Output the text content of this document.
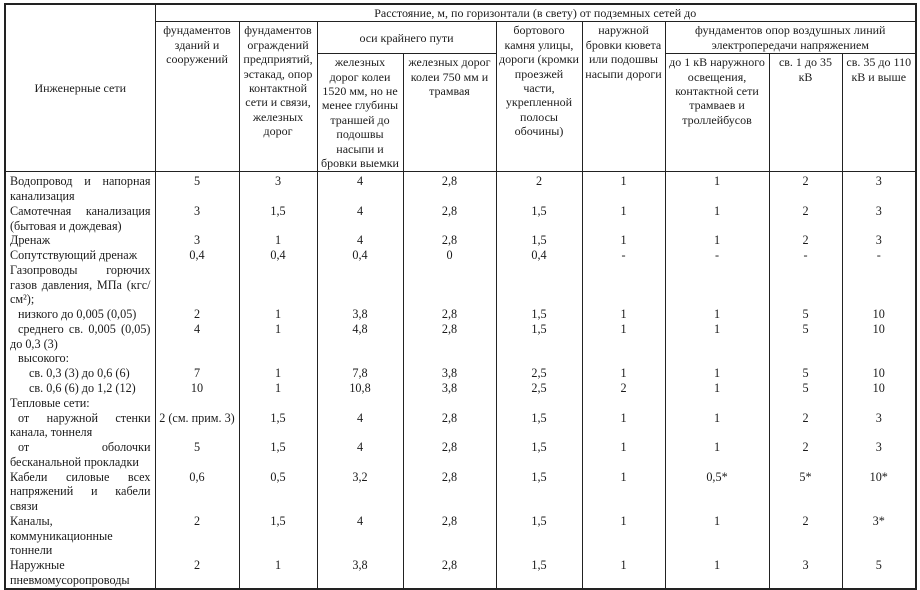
Инженерные сети	Расстояние, м, по горизонтали (в свету) от подземных сетей до								
	фундаментов зданий и сооружений	фундаментов ограждений предприятий, эстакад, опор контактной сети и связи, железных дорог	оси крайнего пути		бортового камня улицы, дороги (кромки проезжей части, укрепленной полосы обочины)	наружной бровки кювета или подошвы насыпи дороги	фундаментов опор воздушных линий электропередачи напряжением		
			железных дорог колеи 1520 мм, но не менее глубины траншей до подошвы насыпи и бровки выемки	железных дорог колеи 750 мм и трамвая			до 1 кВ наружного освещения, контактной сети трамваев и троллейбусов	св. 1 до 35 кВ	св. 35 до 110 кВ и выше
Водопровод и напорная канализация	5	3	4	2,8	2	1	1	2	3
Самотечная канализация (бытовая и дождевая)	3	1,5	4	2,8	1,5	1	1	2	3
Дренаж	3	1	4	2,8	1,5	1	1	2	3
Сопутствующий дренаж	0,4	0,4	0,4	0	0,4	-	-	-	-
Газопроводы горючих газов давления, МПа (кгс/см²);									
низкого до 0,005 (0,05)	2	1	3,8	2,8	1,5	1	1	5	10
среднего св. 0,005 (0,05) до 0,3 (3)	4	1	4,8	2,8	1,5	1	1	5	10
высокого:									
св. 0,3 (3) до 0,6 (6)	7	1	7,8	3,8	2,5	1	1	5	10
св. 0,6 (6) до 1,2 (12)	10	1	10,8	3,8	2,5	2	1	5	10
Тепловые сети:									
от наружной стенки канала, тоннеля	2 (см. прим. 3)	1,5	4	2,8	1,5	1	1	2	3
от оболочки бесканальной прокладки	5	1,5	4	2,8	1,5	1	1	2	3
Кабели силовые всех напряжений и кабели связи	0,6	0,5	3,2	2,8	1,5	1	0,5*	5*	10*
Каналы, коммуникационные тоннели	2	1,5	4	2,8	1,5	1	1	2	3*
Наружные пневмомусоропроводы	2	1	3,8	2,8	1,5	1	1	3	5
